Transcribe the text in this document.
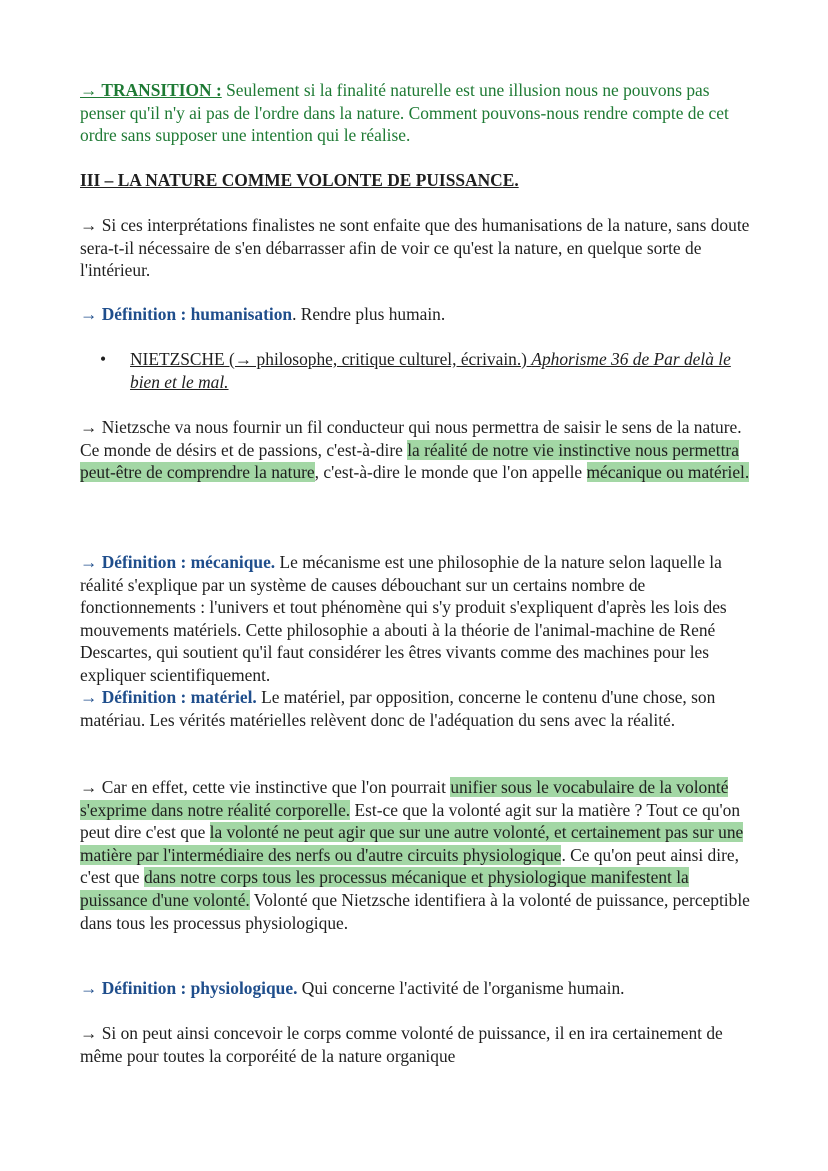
→ TRANSITION : Seulement si la finalité naturelle est une illusion nous ne pouvons pas penser qu'il n'y ai pas de l'ordre dans la nature. Comment pouvons-nous rendre compte de cet ordre sans supposer une intention qui le réalise.

III – LA NATURE COMME VOLONTE DE PUISSANCE.

→ Si ces interprétations finalistes ne sont enfaite que des humanisations de la nature, sans doute sera-t-il nécessaire de s'en débarrasser afin de voir ce qu'est la nature, en quelque sorte de l'intérieur.

→ Définition : humanisation. Rendre plus humain.

• NIETZSCHE (→ philosophe, critique culturel, écrivain.) Aphorisme 36 de Par delà le bien et le mal.

→ Nietzsche va nous fournir un fil conducteur qui nous permettra de saisir le sens de la nature.
Ce monde de désirs et de passions, c'est-à-dire la réalité de notre vie instinctive nous permettra peut-être de comprendre la nature, c'est-à-dire le monde que l'on appelle mécanique ou matériel.

→ Définition : mécanique. Le mécanisme est une philosophie de la nature selon laquelle la réalité s'explique par un système de causes débouchant sur un certains nombre de fonctionnements : l'univers et tout phénomène qui s'y produit s'expliquent d'après les lois des mouvements matériels. Cette philosophie a abouti à la théorie de l'animal-machine de René Descartes, qui soutient qu'il faut considérer les êtres vivants comme des machines pour les expliquer scientifiquement.

→ Définition : matériel. Le matériel, par opposition, concerne le contenu d'une chose, son matériau. Les vérités matérielles relèvent donc de l'adéquation du sens avec la réalité.

→ Car en effet, cette vie instinctive que l'on pourrait unifier sous le vocabulaire de la volonté s'exprime dans notre réalité corporelle. Est-ce que la volonté agit sur la matière ? Tout ce qu'on peut dire c'est que la volonté ne peut agir que sur une autre volonté, et certainement pas sur une matière par l'intermédiaire des nerfs ou d'autre circuits physiologique. Ce qu'on peut ainsi dire, c'est que dans notre corps tous les processus mécanique et physiologique manifestent la puissance d'une volonté. Volonté que Nietzsche identifiera à la volonté de puissance, perceptible dans tous les processus physiologique.

→ Définition : physiologique. Qui concerne l'activité de l'organisme humain.

→ Si on peut ainsi concevoir le corps comme volonté de puissance, il en ira certainement de même pour toutes la corporéité de la nature organique
